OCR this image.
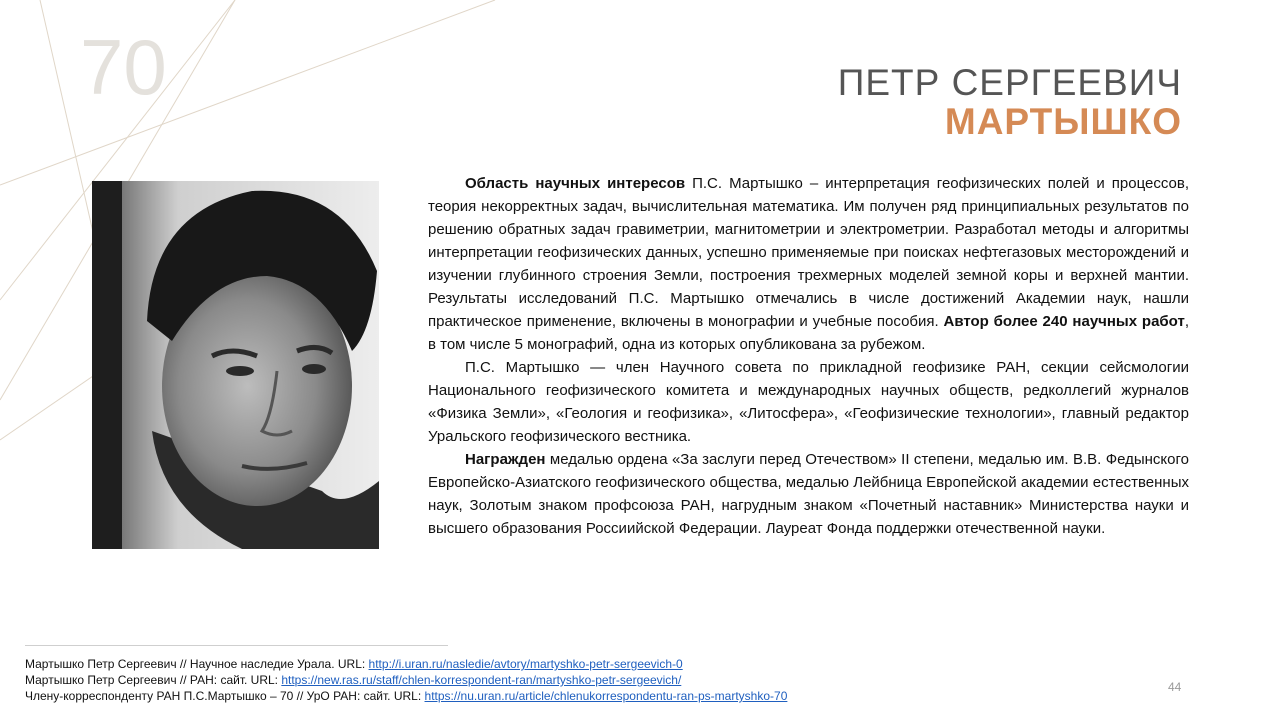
70	ПЕТР СЕРГЕЕВИЧ
МАРТЫШКО

Область научных интересов П.С. Мартышко – интерпретация геофизических полей и процессов, теория некорректных задач, вычислительная математика. Им получен ряд принципиальных результатов по решению обратных задач гравиметрии, магнитометрии и электрометрии. Разработал методы и алгоритмы интерпретации геофизических данных, успешно применяемые при поисках нефтегазовых месторождений и изучении глубинного строения Земли, построения трехмерных моделей земной коры и верхней мантии. Результаты исследований П.С. Мартышко отмечались в числе достижений Академии наук, нашли практическое применение, включены в монографии и учебные пособия. Автор более 240 научных работ, в том числе 5 монографий, одна из которых опубликована за рубежом.

П.С. Мартышко — член Научного совета по прикладной геофизике РАН, секции сейсмологии Национального геофизического комитета и международных научных обществ, редколлегий журналов «Физика Земли», «Геология и геофизика», «Литосфера», «Геофизические технологии», главный редактор Уральского геофизического вестника.

Награжден медалью ордена «За заслуги перед Отечеством» II степени, медалью им. В.В. Федынского Европейско-Азиатского геофизического общества, медалью Лейбница Европейской академии естественных наук, Золотым знаком профсоюза РАН, нагрудным знаком «Почетный наставник» Министерства науки и высшего образования Россиийской Федерации. Лауреат Фонда поддержки отечественной науки.

Мартышко Петр Сергеевич // Научное наследие Урала. URL: http://i.uran.ru/nasledie/avtory/martyshko-petr-sergeevich-0
Мартышко Петр Сергеевич // РАН: сайт. URL: https://new.ras.ru/staff/chlen-korrespondent-ran/martyshko-petr-sergeevich/
Члену-корреспонденту РАН П.С.Мартышко – 70 // УрО РАН: сайт. URL: https://nu.uran.ru/article/chlenukorrespondentu-ran-ps-martyshko-70
44
